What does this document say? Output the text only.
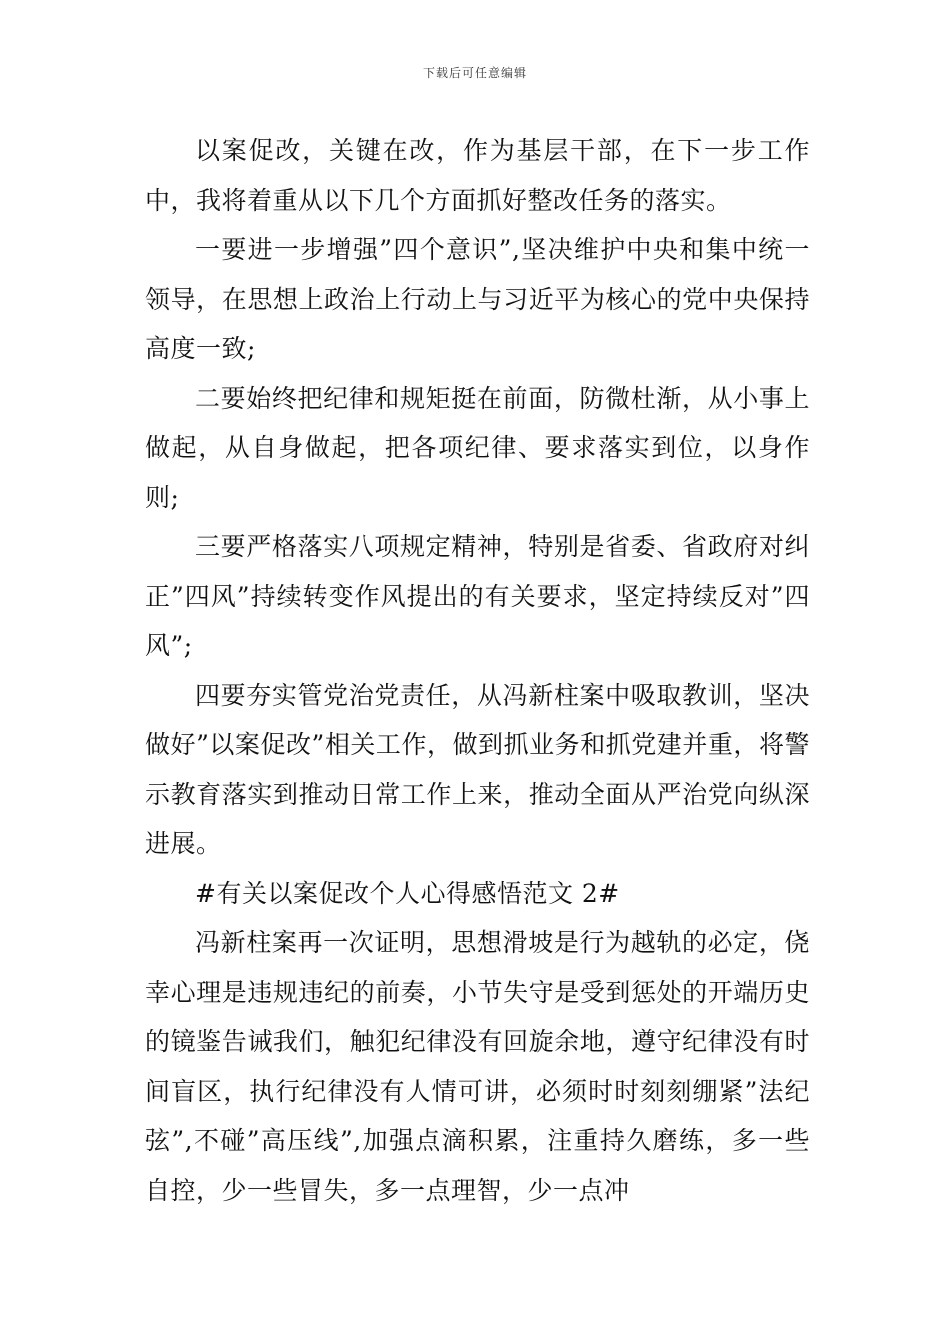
下载后可任意编辑

以案促改，关键在改，作为基层干部，在下一步工作中，我将着重从以下几个方面抓好整改任务的落实。

一要进一步增强”四个意识”,坚决维护中央和集中统一领导，在思想上政治上行动上与习近平为核心的党中央保持高度一致;

二要始终把纪律和规矩挺在前面，防微杜渐，从小事上做起，从自身做起，把各项纪律、要求落实到位，以身作则;

三要严格落实八项规定精神，特别是省委、省政府对纠正”四风”持续转变作风提出的有关要求，坚定持续反对”四风”;

四要夯实管党治党责任，从冯新柱案中吸取教训，坚决做好”以案促改”相关工作，做到抓业务和抓党建并重，将警示教育落实到推动日常工作上来，推动全面从严治党向纵深进展。

#有关以案促改个人心得感悟范文 2#

冯新柱案再一次证明，思想滑坡是行为越轨的必定，侥幸心理是违规违纪的前奏，小节失守是受到惩处的开端历史的镜鉴告诫我们，触犯纪律没有回旋余地，遵守纪律没有时间盲区，执行纪律没有人情可讲，必须时时刻刻绷紧”法纪弦”,不碰”高压线”,加强点滴积累，注重持久磨练，多一些自控，少一些冒失，多一点理智，少一点冲
